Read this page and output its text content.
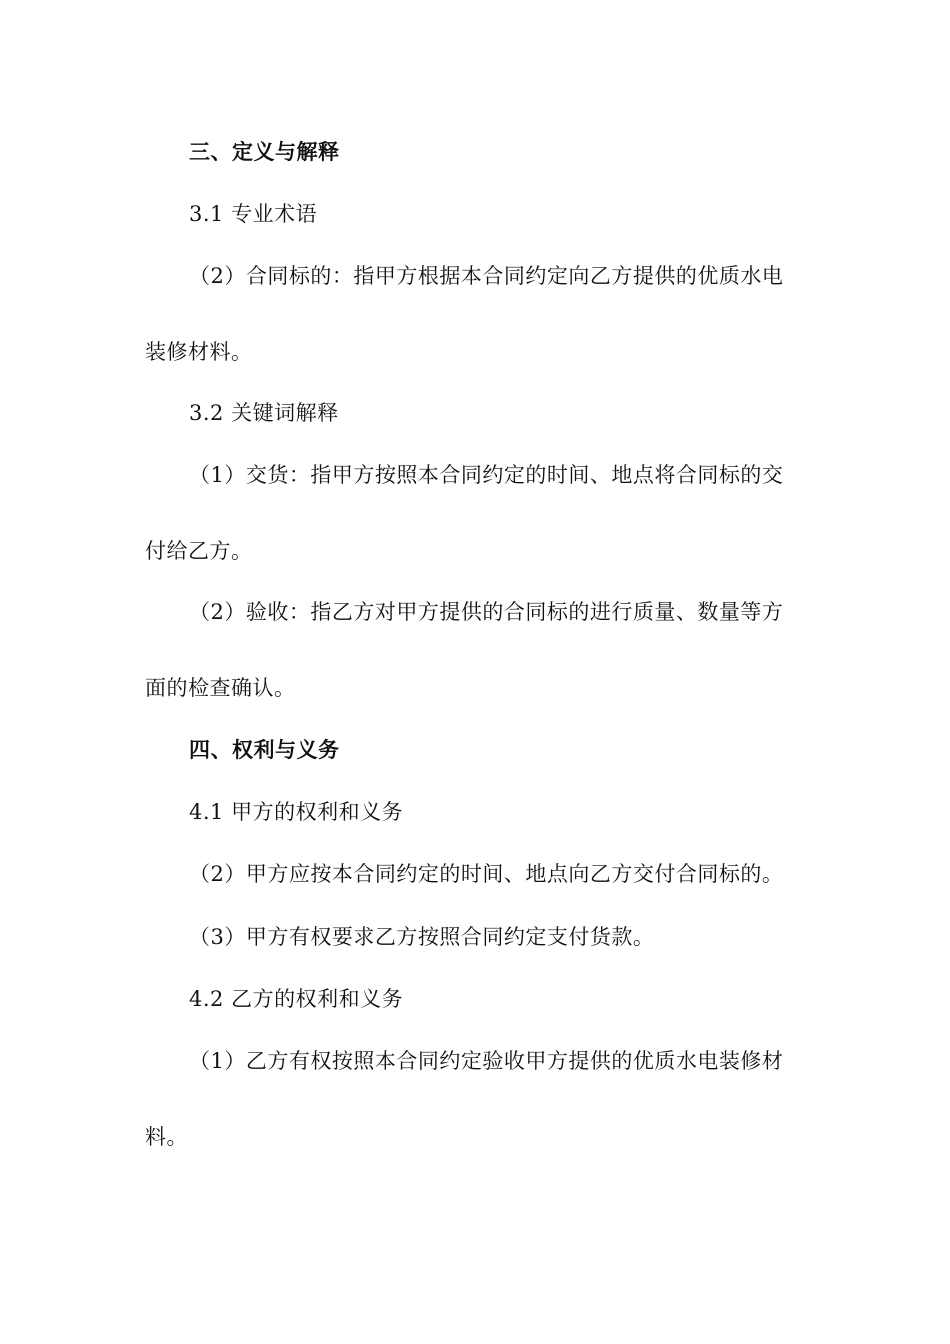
三、定义与解释
3.1 专业术语
（2）合同标的：指甲方根据本合同约定向乙方提供的优质水电
装修材料。
3.2 关键词解释
（1）交货：指甲方按照本合同约定的时间、地点将合同标的交
付给乙方。
（2）验收：指乙方对甲方提供的合同标的进行质量、数量等方
面的检查确认。
四、权利与义务
4.1 甲方的权利和义务
（2）甲方应按本合同约定的时间、地点向乙方交付合同标的。
（3）甲方有权要求乙方按照合同约定支付货款。
4.2 乙方的权利和义务
（1）乙方有权按照本合同约定验收甲方提供的优质水电装修材
料。
